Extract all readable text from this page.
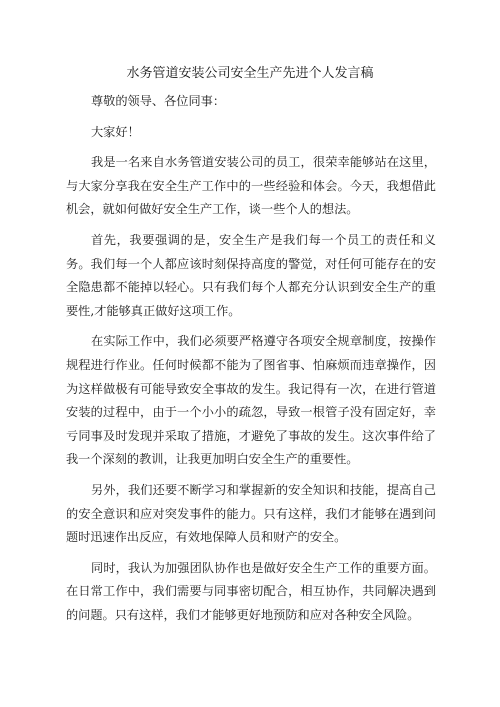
水务管道安装公司安全生产先进个人发言稿

尊敬的领导、各位同事：

大家好！

我是一名来自水务管道安装公司的员工，很荣幸能够站在这里，与大家分享我在安全生产工作中的一些经验和体会。今天，我想借此机会，就如何做好安全生产工作，谈一些个人的想法。

首先，我要强调的是，安全生产是我们每一个员工的责任和义务。我们每一个人都应该时刻保持高度的警觉，对任何可能存在的安全隐患都不能掉以轻心。只有我们每个人都充分认识到安全生产的重要性,才能够真正做好这项工作。

在实际工作中，我们必须要严格遵守各项安全规章制度，按操作规程进行作业。任何时候都不能为了图省事、怕麻烦而违章操作，因为这样做极有可能导致安全事故的发生。我记得有一次，在进行管道安装的过程中，由于一个小小的疏忽，导致一根管子没有固定好，幸亏同事及时发现并采取了措施，才避免了事故的发生。这次事件给了我一个深刻的教训，让我更加明白安全生产的重要性。

另外，我们还要不断学习和掌握新的安全知识和技能，提高自己的安全意识和应对突发事件的能力。只有这样，我们才能够在遇到问题时迅速作出反应，有效地保障人员和财产的安全。

同时，我认为加强团队协作也是做好安全生产工作的重要方面。在日常工作中，我们需要与同事密切配合，相互协作，共同解决遇到的问题。只有这样，我们才能够更好地预防和应对各种安全风险。
